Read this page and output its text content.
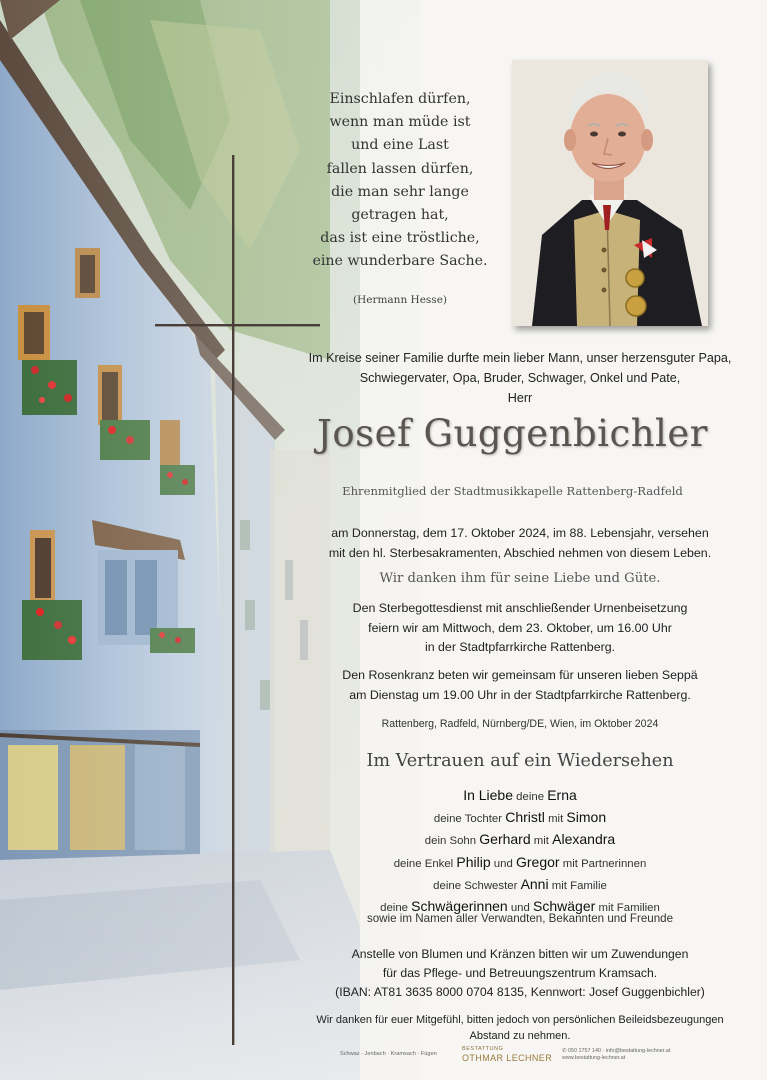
Einschlafen dürfen,
wenn man müde ist
und eine Last
fallen lassen dürfen,
die man sehr lange
getragen hat,
das ist eine tröstliche,
eine wunderbare Sache.
(Hermann Hesse)
Im Kreise seiner Familie durfte mein lieber Mann, unser herzensguter Papa,
Schwiegervater, Opa, Bruder, Schwager, Onkel und Pate,
Herr
Josef Guggenbichler
Ehrenmitglied der Stadtmusikkapelle Rattenberg-Radfeld
am Donnerstag, dem 17. Oktober 2024, im 88. Lebensjahr, versehen
mit den hl. Sterbesakramenten, Abschied nehmen von diesem Leben.
Wir danken ihm für seine Liebe und Güte.
Den Sterbegottesdienst mit anschließender Urnenbeisetzung
feiern wir am Mittwoch, dem 23. Oktober, um 16.00 Uhr
in der Stadtpfarrkirche Rattenberg.
Den Rosenkranz beten wir gemeinsam für unseren lieben Seppä
am Dienstag um 19.00 Uhr in der Stadtpfarrkirche Rattenberg.
Rattenberg, Radfeld, Nürnberg/DE, Wien, im Oktober 2024
Im Vertrauen auf ein Wiedersehen
In Liebe deine Erna
deine Tochter Christl mit Simon
dein Sohn Gerhard mit Alexandra
deine Enkel Philip und Gregor mit Partnerinnen
deine Schwester Anni mit Familie
deine Schwägerinnen und Schwäger mit Familien
sowie im Namen aller Verwandten, Bekannten und Freunde
Anstelle von Blumen und Kränzen bitten wir um Zuwendungen
für das Pflege- und Betreuungszentrum Kramsach.
(IBAN: AT81 3635 8000 0704 8135, Kennwort: Josef Guggenbichler)
Wir danken für euer Mitgefühl, bitten jedoch von persönlichen Beileidsbezeugungen
Abstand zu nehmen.
Schwaz · Jenbach · Kramsach · Fügen
BESTATTUNG
OTHMAR LECHNER
✆ 050 1757 140 · info@bestattung-lechner.at
www.bestattung-lechner.at
